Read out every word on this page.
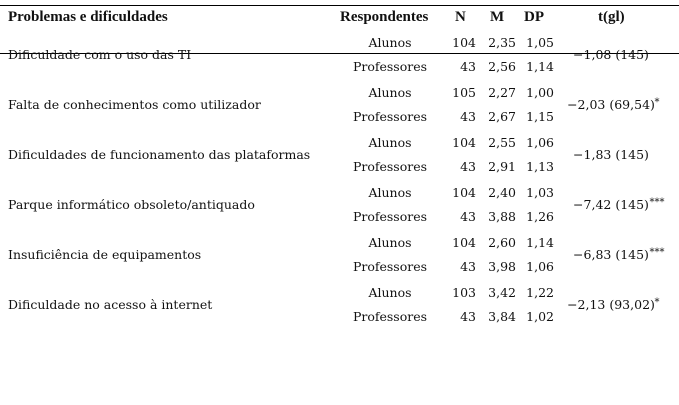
Problemas e dificuldades	Respondentes N M DP	t(gl)
Dificuldade com o uso das TI
Alunos	104 2,35 1,05
Professores	43 2,56 1,14
−1,08 (145)
Falta de conhecimentos como utilizador
Alunos	105 2,27 1,00
Professores	43 2,67 1,15
−2,03 (69,54) *
Dificuldades de funcionamento das plataformas
Alunos	104 2,55 1,06
Professores	43 2,91 1,13
−1,83 (145)
Parque informático obsoleto/antiquado
Alunos	104 2,40 1,03
Professores	43 3,88 1,26
−7,42 (145) ***
Insuficiência de equipamentos
Alunos	104 2,60 1,14
Professores	43 3,98 1,06
−6,83 (145) ***
Dificuldade no acesso à internet
Alunos	103 3,42 1,22
Professores	43 3,84 1,02
−2,13 (93,02) *
